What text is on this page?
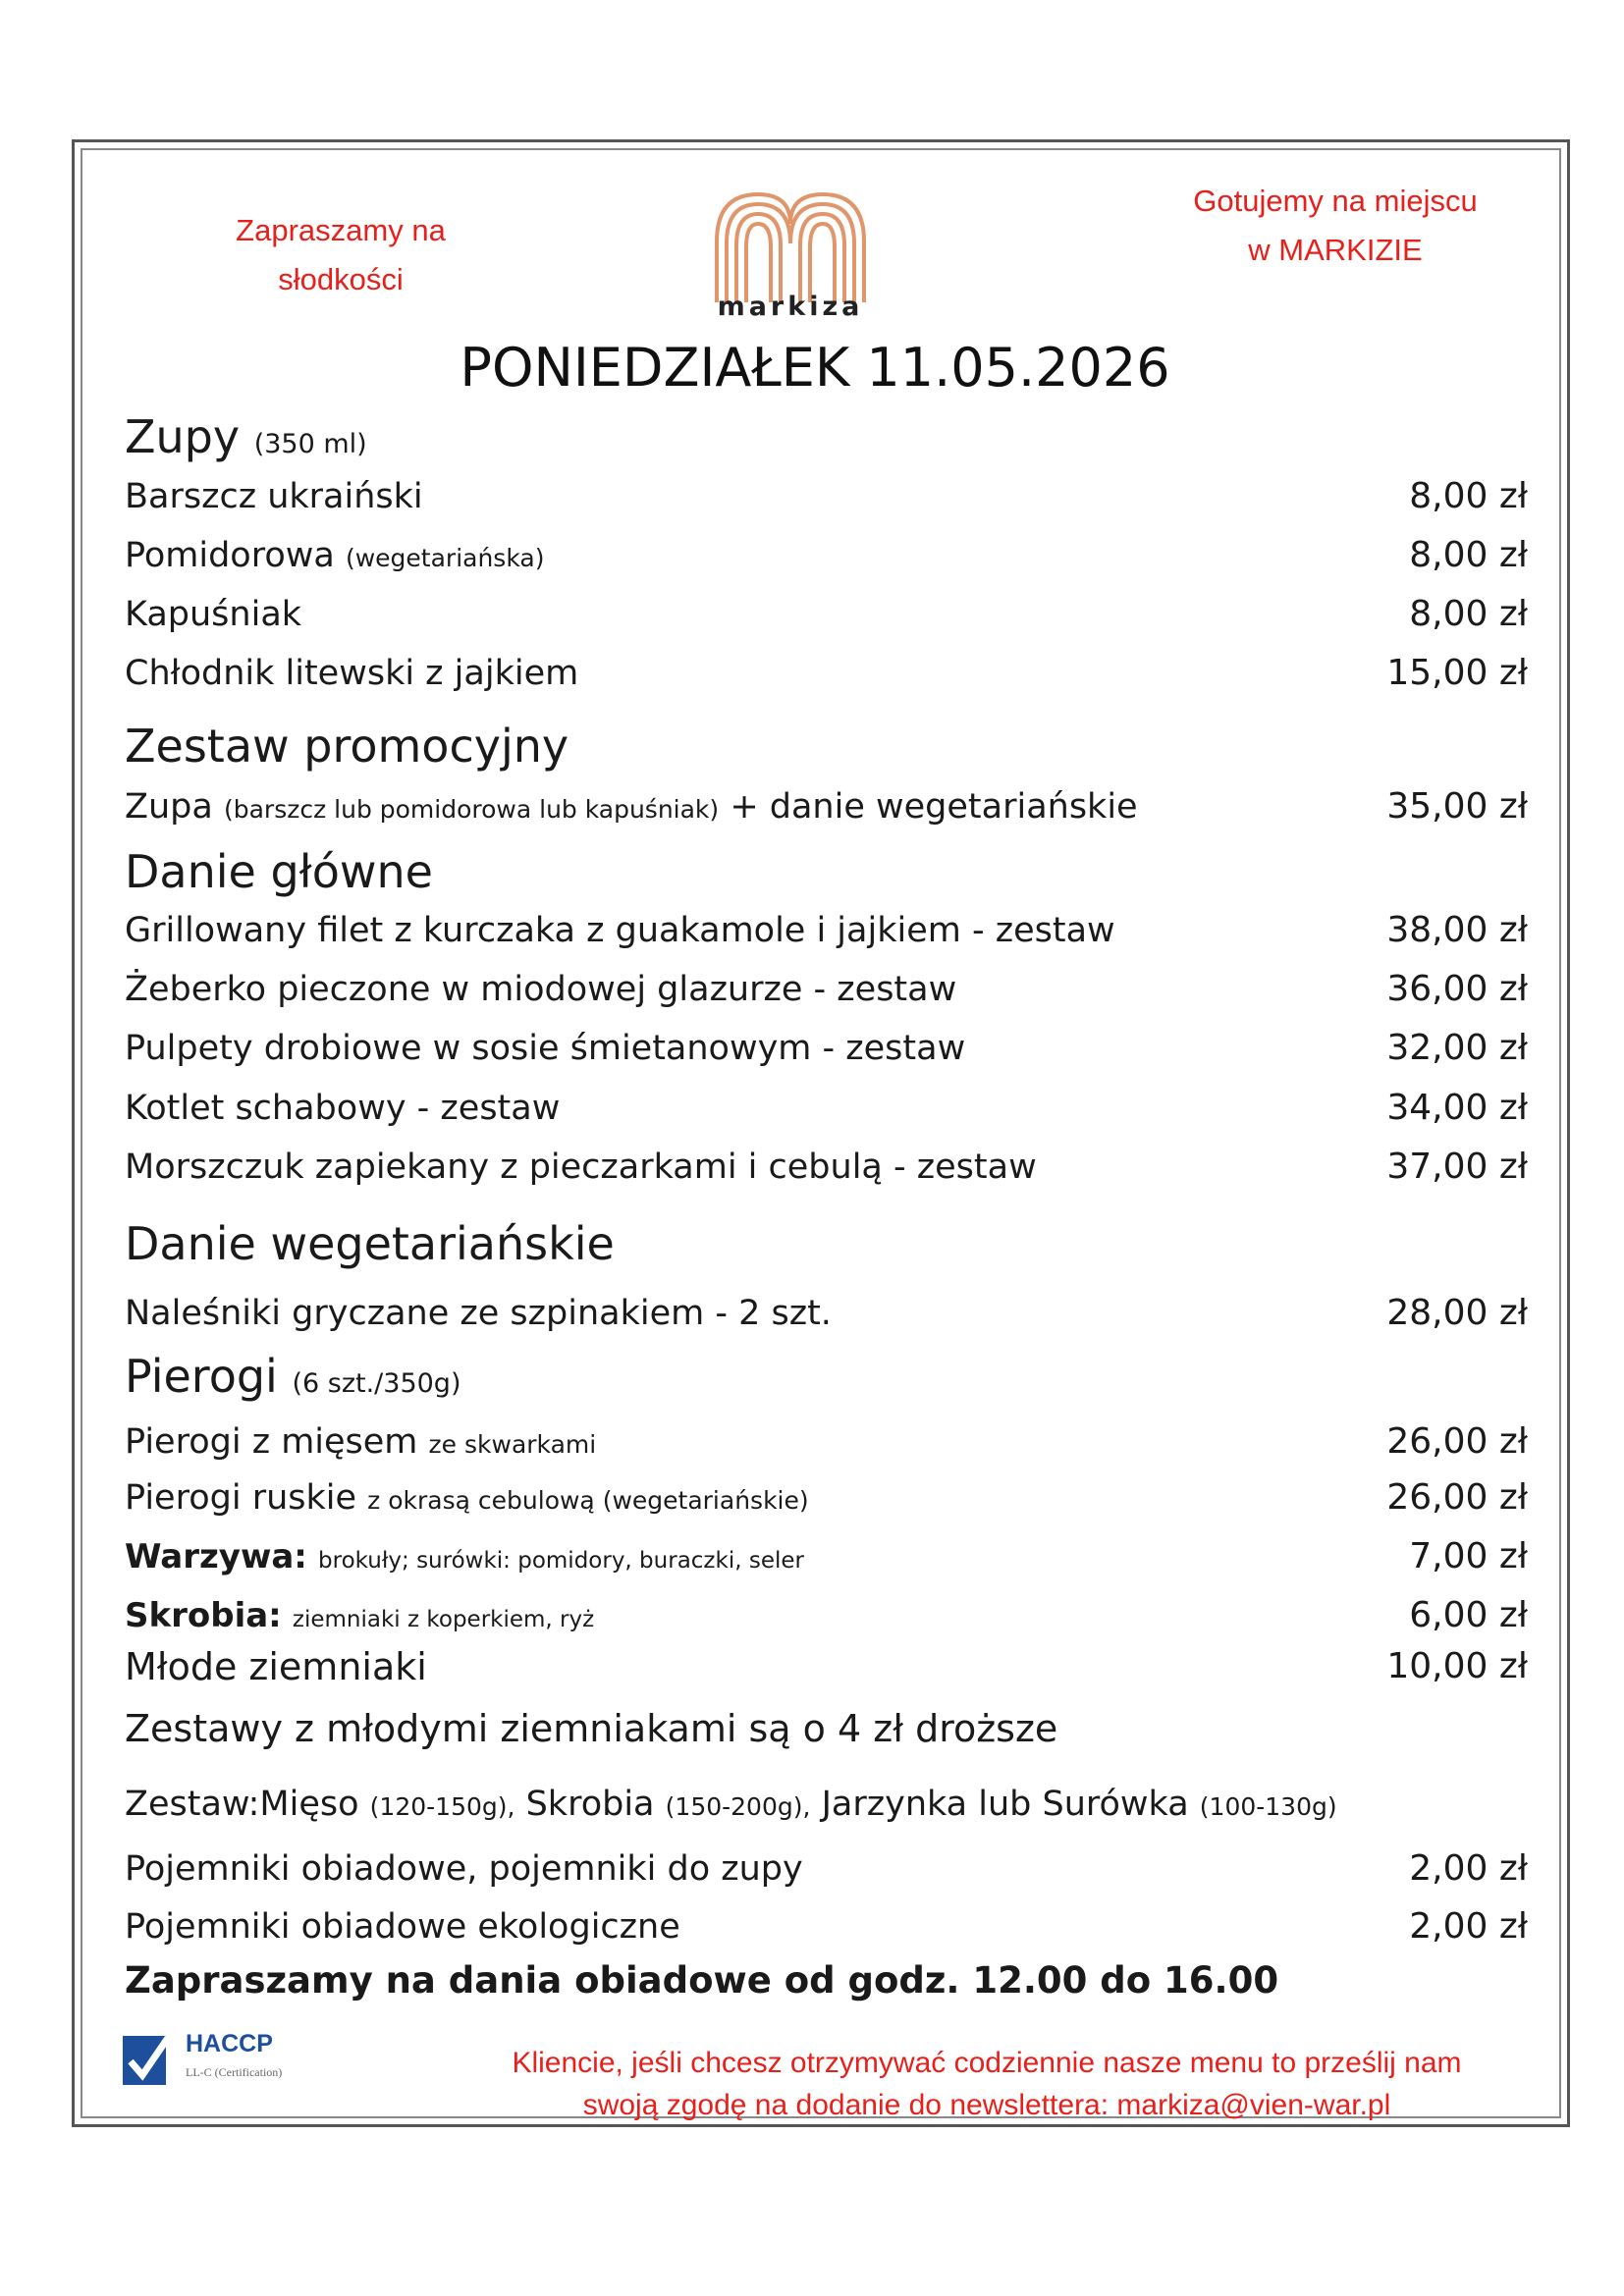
Zapraszamy na
słodkości
Gotujemy na miejscu
w MARKIZIE
markiza
PONIEDZIAŁEK 11.05.2026
Zupy (350 ml)
Barszcz ukraiński	8,00 zł
Pomidorowa (wegetariańska)	8,00 zł
Kapuśniak	8,00 zł
Chłodnik litewski z jajkiem	15,00 zł
Zestaw promocyjny
Zupa (barszcz lub pomidorowa lub kapuśniak) + danie wegetariańskie	35,00 zł
Danie główne
Grillowany filet z kurczaka z guakamole i jajkiem - zestaw	38,00 zł
Żeberko pieczone w miodowej glazurze - zestaw	36,00 zł
Pulpety drobiowe w sosie śmietanowym - zestaw	32,00 zł
Kotlet schabowy - zestaw	34,00 zł
Morszczuk zapiekany z pieczarkami i cebulą - zestaw	37,00 zł
Danie wegetariańskie
Naleśniki gryczane ze szpinakiem - 2 szt.	28,00 zł
Pierogi (6 szt./350g)
Pierogi z mięsem ze skwarkami	26,00 zł
Pierogi ruskie z okrasą cebulową (wegetariańskie)	26,00 zł
Warzywa: brokuły; surówki: pomidory, buraczki, seler	7,00 zł
Skrobia: ziemniaki z koperkiem, ryż	6,00 zł
Młode ziemniaki	10,00 zł
Zestawy z młodymi ziemniakami są o 4 zł droższe
Zestaw:Mięso (120-150g), Skrobia (150-200g), Jarzynka lub Surówka (100-130g)
Pojemniki obiadowe, pojemniki do zupy	2,00 zł
Pojemniki obiadowe ekologiczne	2,00 zł
Zapraszamy na dania obiadowe od godz. 12.00 do 16.00
HACCP
LL-C (Certification)	Kliencie, jeśli chcesz otrzymywać codziennie nasze menu to prześlij nam
swoją zgodę na dodanie do newslettera: markiza@vien-war.pl
